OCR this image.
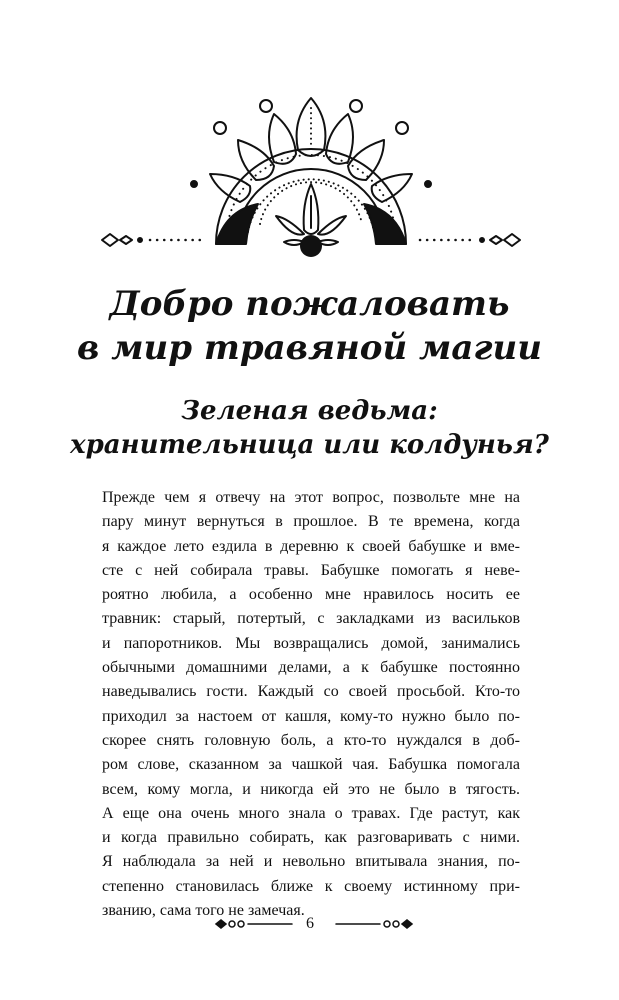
Добро пожаловать
в мир травяной магии
Зеленая ведьма:
хранительница или колдунья?

Прежде чем я отвечу на этот вопрос, позвольте мне на
пару минут вернуться в прошлое. В те времена, когда
я каждое лето ездила в деревню к своей бабушке и вме-
сте с ней собирала травы. Бабушке помогать я неве-
роятно любила, а особенно мне нравилось носить ее
травник: старый, потертый, с закладками из васильков
и папоротников. Мы возвращались домой, занимались
обычными домашними делами, а к бабушке постоянно
наведывались гости. Каждый со своей просьбой. Кто-то
приходил за настоем от кашля, кому-то нужно было по-
скорее снять головную боль, а кто-то нуждался в доб-
ром слове, сказанном за чашкой чая. Бабушка помогала
всем, кому могла, и никогда ей это не было в тягость.
А еще она очень много знала о травах. Где растут, как
и когда правильно собирать, как разговаривать с ними.
Я наблюдала за ней и невольно впитывала знания, по-
степенно становилась ближе к своему истинному при-
званию, сама того не замечая.

6
